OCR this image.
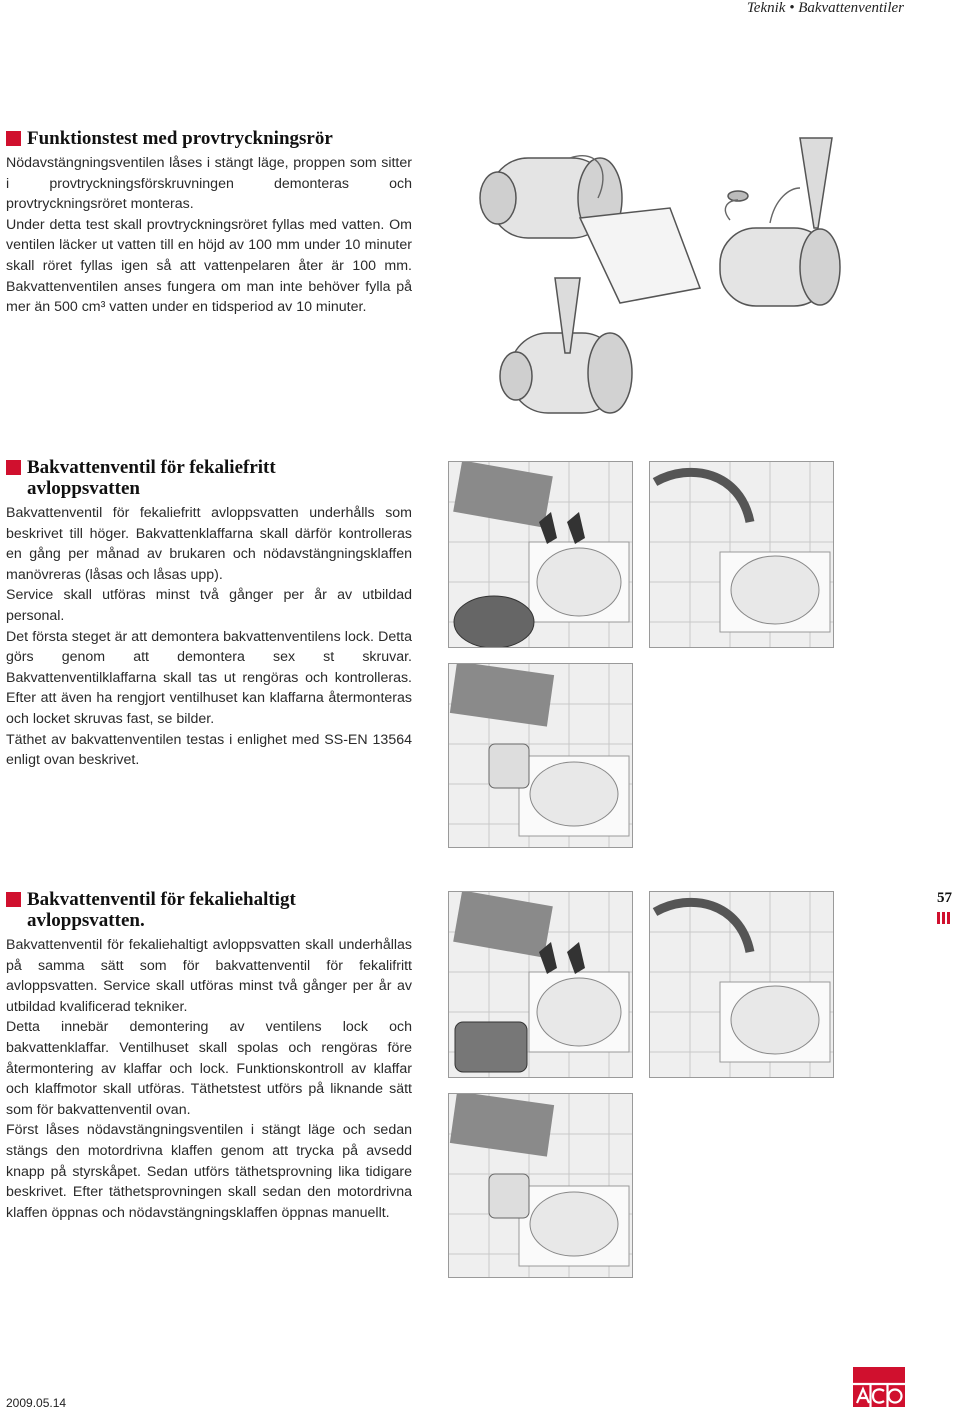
Teknik • Bakvattenventiler
Funktionstest med provtryckningsrör

Nödavstängningsventilen låses i stängt läge, proppen som sitter i provtryckningsförskruvningen demonteras och provtryckningsröret monteras.

Under detta test skall provtryckningsröret fyllas med vatten. Om ventilen läcker ut vatten till en höjd av 100 mm under 10 minuter skall röret fyllas igen så att vattenpelaren åter är 100 mm. Bakvattenventilen anses fungera om man inte behöver fylla på mer än 500 cm³ vatten under en tidsperiod av 10 minuter.

Bakvattenventil för fekaliefritt
avloppsvatten

Bakvattenventil för fekaliefritt avloppsvatten underhålls som beskrivet till höger. Bakvattenklaffarna skall därför kontrolleras en gång per månad av brukaren och nödavstängningsklaffen manövreras (låsas och låsas upp).

Service skall utföras minst två gånger per år av utbildad personal.

Det första steget är att demontera bakvattenventilens lock. Detta görs genom att demontera sex st skruvar. Bakvattenventilklaffarna skall tas ut rengöras och kontrolleras. Efter att även ha rengjort ventilhuset kan klaffarna återmonteras och locket skruvas fast, se bilder.

Täthet av bakvattenventilen testas i enlighet med SS-EN 13564 enligt ovan beskrivet.

Bakvattenventil för fekaliehaltigt
avloppsvatten.

Bakvattenventil för fekaliehaltigt avloppsvatten skall underhållas på samma sätt som för bakvattenventil för fekalifritt avloppsvatten. Service skall utföras minst två gånger per år av utbildad kvalificerad tekniker.

Detta innebär demontering av ventilens lock och bakvattenklaffar. Ventilhuset skall spolas och rengöras före återmontering av klaffar och lock. Funktionskontroll av klaffar och klaffmotor skall utföras. Täthetstest utförs på liknande sätt som för bakvattenventil ovan.

Först låses nödavstängningsventilen i stängt läge och sedan stängs den motordrivna klaffen genom att trycka på avsedd knapp på styrskåpet. Sedan utförs täthetsprovning lika tidigare beskrivet. Efter täthetsprovningen skall sedan den motordrivna klaffen öppnas och nödavstängningsklaffen öppnas manuellt.

57
2009.05.14
